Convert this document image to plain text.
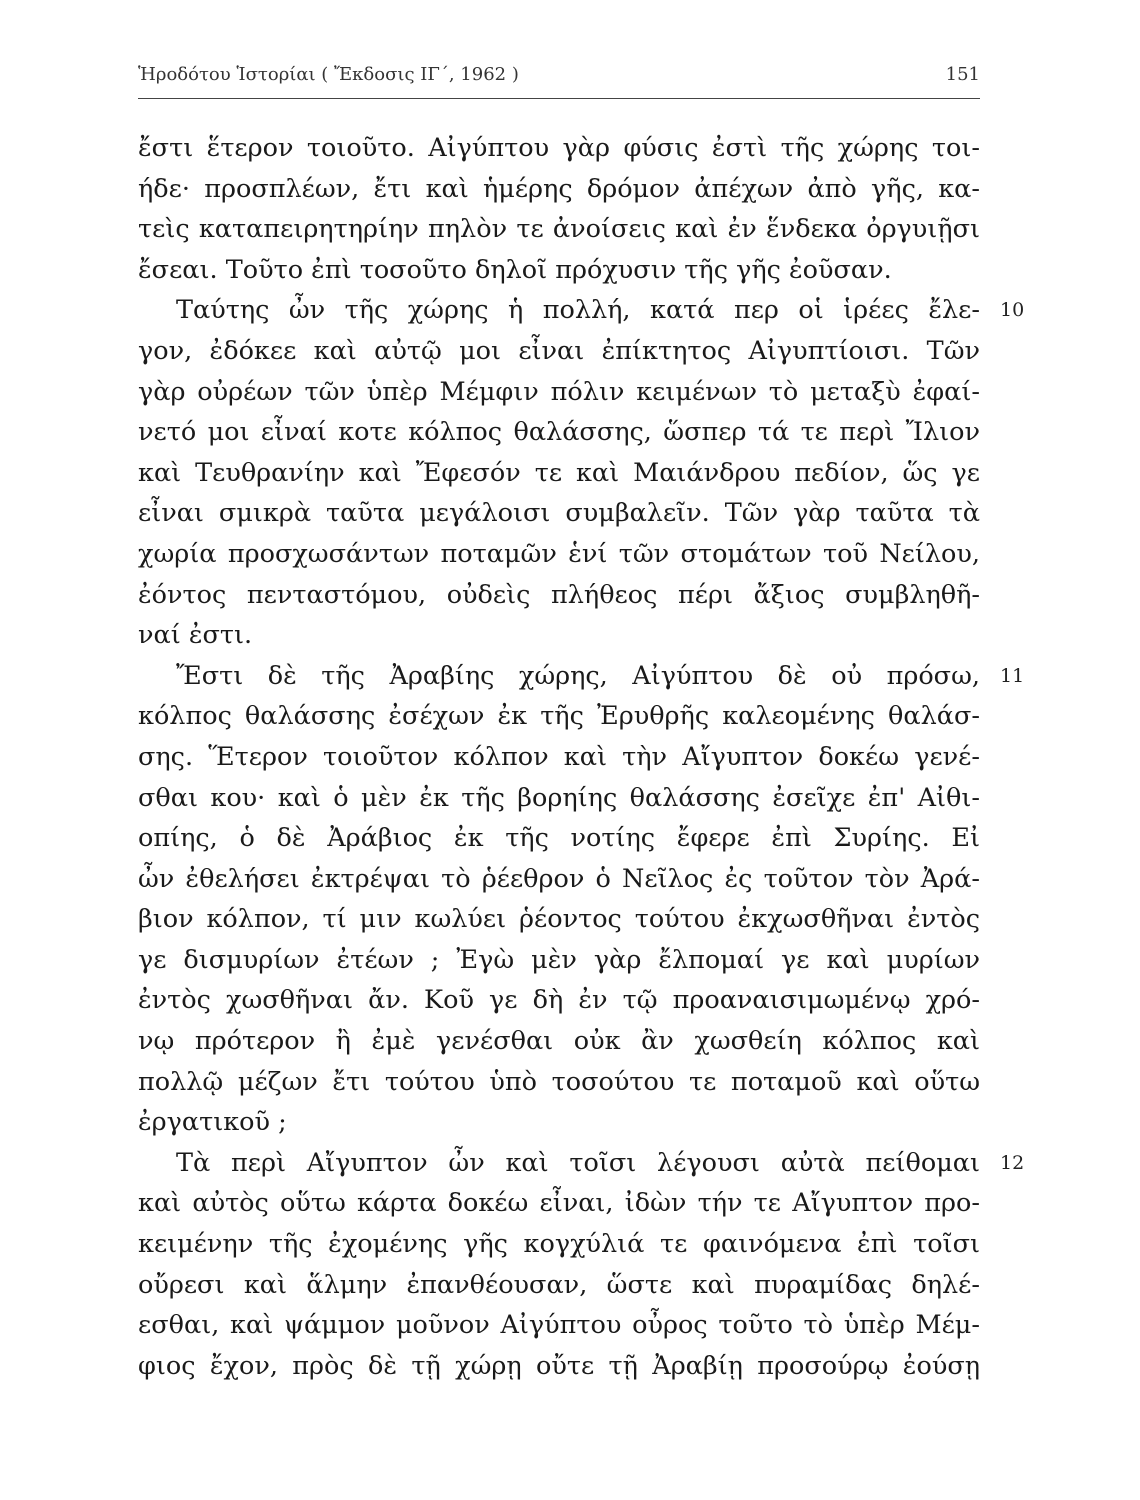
Ἡροδότου Ἱστορίαι ( Ἔκδοσις ΙΓ΄, 1962 )	151
ἔστι ἕτερον τοιοῦτο. Αἰγύπτου γὰρ φύσις ἐστὶ τῆς χώρης τοι-
ήδε· προσπλέων, ἔτι καὶ ἡμέρης δρόμον ἀπέχων ἀπὸ γῆς, κα-
τεὶς καταπειρητηρίην πηλὸν τε ἀνοίσεις καὶ ἐν ἕνδεκα ὀργυιῇσι
ἔσεαι. Τοῦτο ἐπὶ τοσοῦτο δηλοῖ πρόχυσιν τῆς γῆς ἐοῦσαν.
Ταύτης ὦν τῆς χώρης ἡ πολλή, κατά περ οἱ ἱρέες ἔλε- 10
γον, ἐδόκεε καὶ αὐτῷ μοι εἶναι ἐπίκτητος Αἰγυπτίοισι. Τῶν
γὰρ οὐρέων τῶν ὑπὲρ Μέμφιν πόλιν κειμένων τὸ μεταξὺ ἐφαί-
νετό μοι εἶναί κοτε κόλπος θαλάσσης, ὥσπερ τά τε περὶ Ἴλιον
καὶ Τευθρανίην καὶ Ἔφεσόν τε καὶ Μαιάνδρου πεδίον, ὥς γε
εἶναι σμικρὰ ταῦτα μεγάλοισι συμβαλεῖν. Τῶν γὰρ ταῦτα τὰ
χωρία προσχωσάντων ποταμῶν ἑνί τῶν στομάτων τοῦ Νείλου,
ἐόντος πενταστόμου, οὐδεὶς πλήθεος πέρι ἄξιος συμβληθῆ-
ναί ἐστι.
Ἔστι δὲ τῆς Ἀραβίης χώρης, Αἰγύπτου δὲ οὐ πρόσω, 11
κόλπος θαλάσσης ἐσέχων ἐκ τῆς Ἐρυθρῆς καλεομένης θαλάσ-
σης. Ἕτερον τοιοῦτον κόλπον καὶ τὴν Αἴγυπτον δοκέω γενέ-
σθαι κου· καὶ ὁ μὲν ἐκ τῆς βορηίης θαλάσσης ἐσεῖχε ἐπ' Αἰθι-
οπίης, ὁ δὲ Ἀράβιος ἐκ τῆς νοτίης ἔφερε ἐπὶ Συρίης. Εἰ
ὦν ἐθελήσει ἐκτρέψαι τὸ ῥέεθρον ὁ Νεῖλος ἐς τοῦτον τὸν Ἀρά-
βιον κόλπον, τί μιν κωλύει ῥέοντος τούτου ἐκχωσθῆναι ἐντὸς
γε δισμυρίων ἐτέων ; Ἐγὼ μὲν γὰρ ἔλπομαί γε καὶ μυρίων
ἐντὸς χωσθῆναι ἄν. Κοῦ γε δὴ ἐν τῷ προαναισιμωμένῳ χρό-
νῳ πρότερον ἢ ἐμὲ γενέσθαι οὐκ ἂν χωσθείη κόλπος καὶ
πολλῷ μέζων ἔτι τούτου ὑπὸ τοσούτου τε ποταμοῦ καὶ οὕτω
ἐργατικοῦ ;
Τὰ περὶ Αἴγυπτον ὦν καὶ τοῖσι λέγουσι αὐτὰ πείθομαι 12
καὶ αὐτὸς οὕτω κάρτα δοκέω εἶναι, ἰδὼν τήν τε Αἴγυπτον προ-
κειμένην τῆς ἐχομένης γῆς κογχύλιά τε φαινόμενα ἐπὶ τοῖσι
οὔρεσι καὶ ἅλμην ἐπανθέουσαν, ὥστε καὶ πυραμίδας δηλέ-
εσθαι, καὶ ψάμμον μοῦνον Αἰγύπτου οὖρος τοῦτο τὸ ὑπὲρ Μέμ-
φιος ἔχον, πρὸς δὲ τῇ χώρῃ οὔτε τῇ Ἀραβίῃ προσούρῳ ἐούσῃ
